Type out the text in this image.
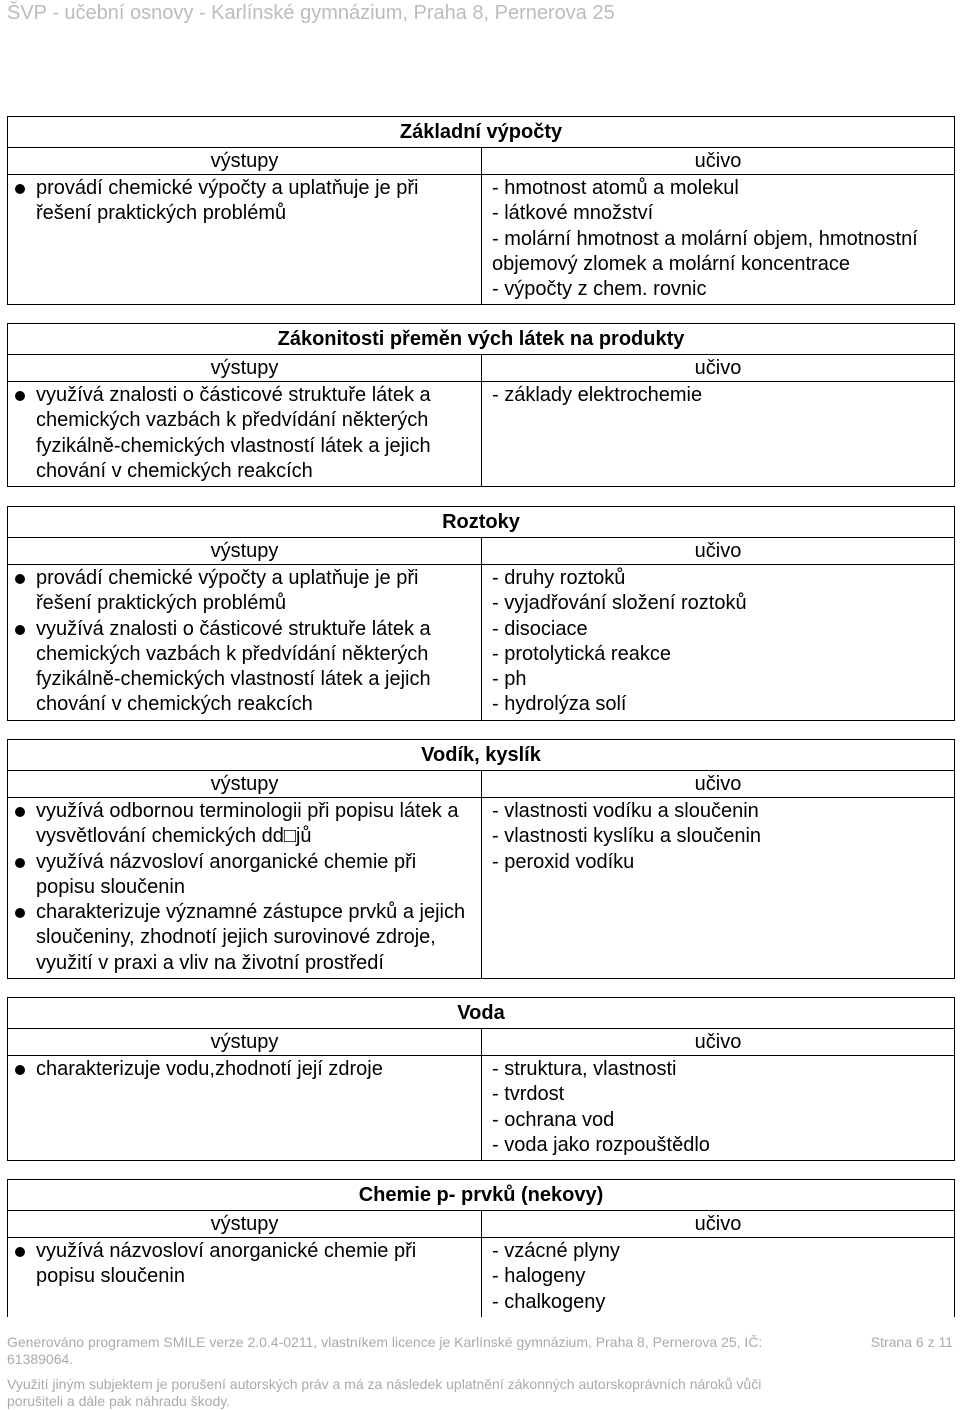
ŠVP - učební osnovy - Karlínské gymnázium, Praha 8, Pernerova 25
Základní výpočty
výstupy
provádí chemické výpočty a uplatňuje je při řešení praktických problémů
učivo
- hmotnost atomů a molekul
- látkové množství
- molární hmotnost a molární objem, hmotnostní objemový zlomek a molární koncentrace
- výpočty z chem. rovnic
Zákonitosti přeměn vých látek na produkty
výstupy
využívá znalosti o částicové struktuře látek a chemických vazbách k předvídání některých fyzikálně-chemických vlastností látek a jejich chování v chemických reakcích
učivo
- základy elektrochemie
Roztoky
výstupy
provádí chemické výpočty a uplatňuje je při řešení praktických problémů
využívá znalosti o částicové struktuře látek a chemických vazbách k předvídání některých fyzikálně-chemických vlastností látek a jejich chování v chemických reakcích
učivo
- druhy roztoků
- vyjadřování složení roztoků
- disociace
- protolytická reakce
- ph
- hydrolýza solí
Vodík, kyslík
výstupy
využívá odbornou terminologii při popisu látek a vysvětlování chemických dd□jů
využívá názvosloví anorganické chemie při popisu sloučenin
charakterizuje významné zástupce prvků a jejich sloučeniny, zhodnotí jejich surovinové zdroje, využití v praxi a vliv na životní prostředí
učivo
- vlastnosti vodíku a sloučenin
- vlastnosti kyslíku a sloučenin
- peroxid vodíku
Voda
výstupy
charakterizuje vodu,zhodnotí její zdroje
učivo
- struktura, vlastnosti
- tvrdost
- ochrana vod
- voda jako rozpouštědlo
Chemie p- prvků (nekovy)
výstupy
využívá názvosloví anorganické chemie při popisu sloučenin
učivo
- vzácné plyny
- halogeny
- chalkogeny
Generováno programem SMILE verze 2.0.4-0211, vlastníkem licence je Karlínské gymnázium, Praha 8, Pernerova 25, IČ: 61389064.
Strana 6 z 11
Využití jiným subjektem je porušení autorských práv a má za následek uplatnění zákonných autorskoprávních nároků vůči porušiteli a dále pak náhradu škody.
